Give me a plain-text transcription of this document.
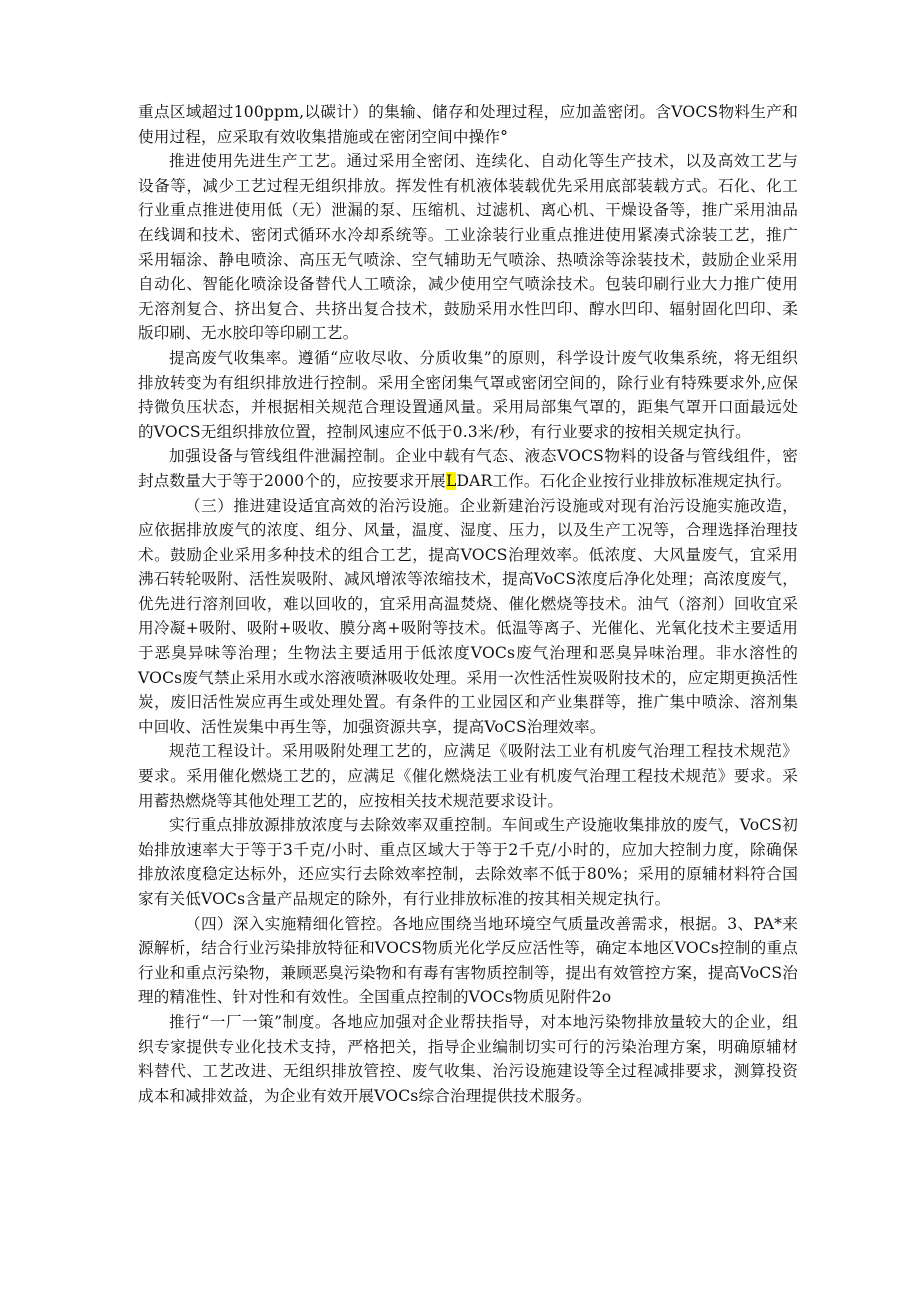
重点区域超过100ppm,以碳计）的集输、储存和处理过程，应加盖密闭。含VOCS物料生产和使用过程，应采取有效收集措施或在密闭空间中操作°

推进使用先进生产工艺。通过采用全密闭、连续化、自动化等生产技术，以及高效工艺与设备等，减少工艺过程无组织排放。挥发性有机液体装载优先采用底部装载方式。石化、化工行业重点推进使用低（无）泄漏的泵、压缩机、过滤机、离心机、干燥设备等，推广采用油品在线调和技术、密闭式循环水冷却系统等。工业涂装行业重点推进使用紧凑式涂装工艺，推广采用辐涂、静电喷涂、高压无气喷涂、空气辅助无气喷涂、热喷涂等涂装技术，鼓励企业采用自动化、智能化喷涂设备替代人工喷涂，减少使用空气喷涂技术。包装印刷行业大力推广使用无溶剂复合、挤出复合、共挤出复合技术，鼓励采用水性凹印、醇水凹印、辐射固化凹印、柔版印刷、无水胶印等印刷工艺。

提高废气收集率。遵循“应收尽收、分质收集”的原则，科学设计废气收集系统，将无组织排放转变为有组织排放进行控制。采用全密闭集气罩或密闭空间的，除行业有特殊要求外,应保持微负压状态，并根据相关规范合理设置通风量。采用局部集气罩的，距集气罩开口面最远处的VOCS无组织排放位置，控制风速应不低于0.3米/秒，有行业要求的按相关规定执行。

加强设备与管线组件泄漏控制。企业中载有气态、液态VOCS物料的设备与管线组件，密封点数量大于等于2000个的，应按要求开展LDAR工作。石化企业按行业排放标准规定执行。

（三）推进建设适宜高效的治污设施。企业新建治污设施或对现有治污设施实施改造，应依据排放废气的浓度、组分、风量，温度、湿度、压力，以及生产工况等，合理选择治理技术。鼓励企业采用多种技术的组合工艺，提高VOCS治理效率。低浓度、大风量废气，宜采用沸石转轮吸附、活性炭吸附、减风增浓等浓缩技术，提高VoCS浓度后净化处理；高浓度废气，优先进行溶剂回收，难以回收的，宜采用高温焚烧、催化燃烧等技术。油气（溶剂）回收宜采用冷凝+吸附、吸附+吸收、膜分离+吸附等技术。低温等离子、光催化、光氧化技术主要适用于恶臭异味等治理；生物法主要适用于低浓度VOCs废气治理和恶臭异味治理。非水溶性的VOCs废气禁止采用水或水溶液喷淋吸收处理。采用一次性活性炭吸附技术的，应定期更换活性炭，废旧活性炭应再生或处理处置。有条件的工业园区和产业集群等，推广集中喷涂、溶剂集中回收、活性炭集中再生等，加强资源共享，提高VoCS治理效率。

规范工程设计。采用吸附处理工艺的，应满足《吸附法工业有机废气治理工程技术规范》要求。采用催化燃烧工艺的，应满足《催化燃烧法工业有机废气治理工程技术规范》要求。采用蓄热燃烧等其他处理工艺的，应按相关技术规范要求设计。

实行重点排放源排放浓度与去除效率双重控制。车间或生产设施收集排放的废气，VoCS初始排放速率大于等于3千克/小时、重点区域大于等于2千克/小时的，应加大控制力度，除确保排放浓度稳定达标外，还应实行去除效率控制，去除效率不低于80%；采用的原辅材料符合国家有关低VOCs含量产品规定的除外，有行业排放标准的按其相关规定执行。

（四）深入实施精细化管控。各地应围绕当地环境空气质量改善需求，根据。3、PA*来源解析，结合行业污染排放特征和VOCS物质光化学反应活性等，确定本地区VOCs控制的重点行业和重点污染物，兼顾恶臭污染物和有毒有害物质控制等，提出有效管控方案，提高VoCS治理的精准性、针对性和有效性。全国重点控制的VOCs物质见附件2o

推行“一厂一策”制度。各地应加强对企业帮扶指导，对本地污染物排放量较大的企业，组织专家提供专业化技术支持，严格把关，指导企业编制切实可行的污染治理方案，明确原辅材料替代、工艺改进、无组织排放管控、废气收集、治污设施建设等全过程减排要求，测算投资成本和减排效益，为企业有效开展VOCs综合治理提供技术服务。
